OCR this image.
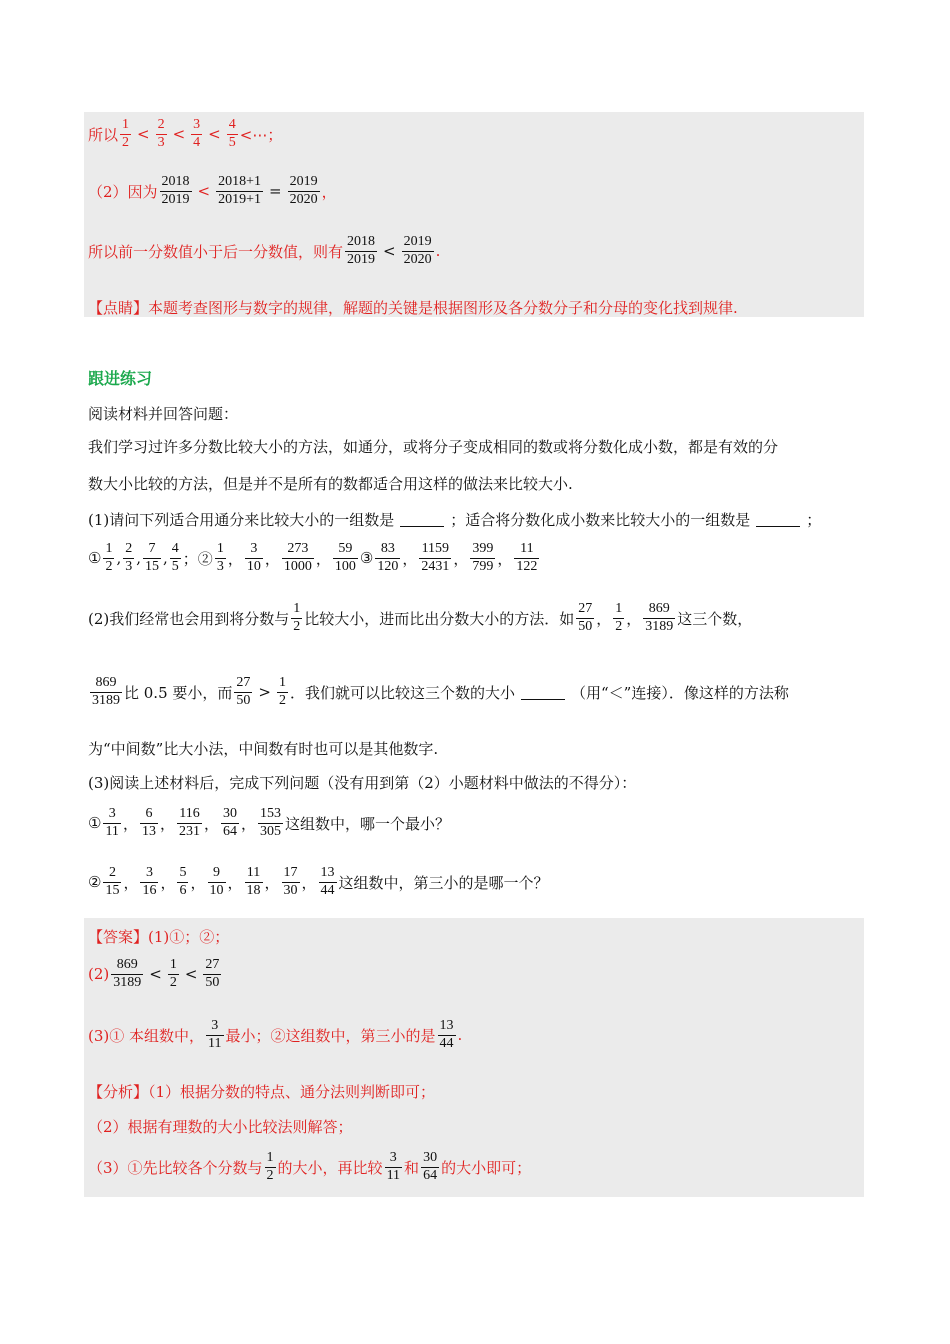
所以 $\frac{1}{2} < \frac{2}{3} < \frac{3}{4} < \frac{4}{5}$ <⋯；
（2）因为 $\frac{2018}{2019} < \frac{2018+1}{2019+1} = \frac{2019}{2020}$ ，
所以前一分数值小于后一分数值，则有 $\frac{2018}{2019} < \frac{2019}{2020}$ .
【点睛】本题考查图形与数字的规律，解题的关键是根据图形及各分数分子和分母的变化找到规律.
跟进练习
阅读材料并回答问题：
我们学习过许多分数比较大小的方法，如通分，或将分子变成相同的数或将分数化成小数，都是有效的分
数大小比较的方法，但是并不是所有的数都适合用这样的做法来比较大小.
(1)请问下列适合用通分来比较大小的一组数是	；适合将分数化成小数来比较大小的一组数是	；
① $\frac{1}{2}$ , $\frac{2}{3}$ , $\frac{7}{15}$ , $\frac{4}{5}$ ；② $\frac{1}{3}$ ， $\frac{3}{10}$ ， $\frac{273}{1000}$ ， $\frac{59}{100}$ ③ $\frac{83}{120}$ ， $\frac{1159}{2431}$ ， $\frac{399}{799}$ ， $\frac{11}{122}$
(2)我们经常也会用到将分数与 $\frac{1}{2}$ 比较大小，进而比出分数大小的方法．如 $\frac{27}{50}$ ， $\frac{1}{2}$ ， $\frac{869}{3189}$ 这三个数，
$\frac{869}{3189}$ 比 0.5 要小，而 $\frac{27}{50} > \frac{1}{2}$ ．我们就可以比较这三个数的大小	（用“＜”连接）．像这样的方法称
为“中间数”比大小法，中间数有时也可以是其他数字.
(3)阅读上述材料后，完成下列问题（没有用到第（2）小题材料中做法的不得分）：
① $\frac{3}{11}$ ， $\frac{6}{13}$ ， $\frac{116}{231}$ ， $\frac{30}{64}$ ， $\frac{153}{305}$ 这组数中，哪一个最小？
② $\frac{2}{15}$ ， $\frac{3}{16}$ ， $\frac{5}{6}$ ， $\frac{9}{10}$ ， $\frac{11}{18}$ ， $\frac{17}{30}$ ， $\frac{13}{44}$ 这组数中，第三小的是哪一个？
【答案】(1)①；②；
$(2) \frac{869}{3189} < \frac{1}{2} < \frac{27}{50}$
(3)① 本组数中， $\frac{3}{11}$ 最小；②这组数中，第三小的是 $\frac{13}{44}$ .
【分析】（1）根据分数的特点、通分法则判断即可；
（2）根据有理数的大小比较法则解答；
（3）①先比较各个分数与 $\frac{1}{2}$ 的大小，再比较 $\frac{3}{11}$ 和 $\frac{30}{64}$ 的大小即可；
